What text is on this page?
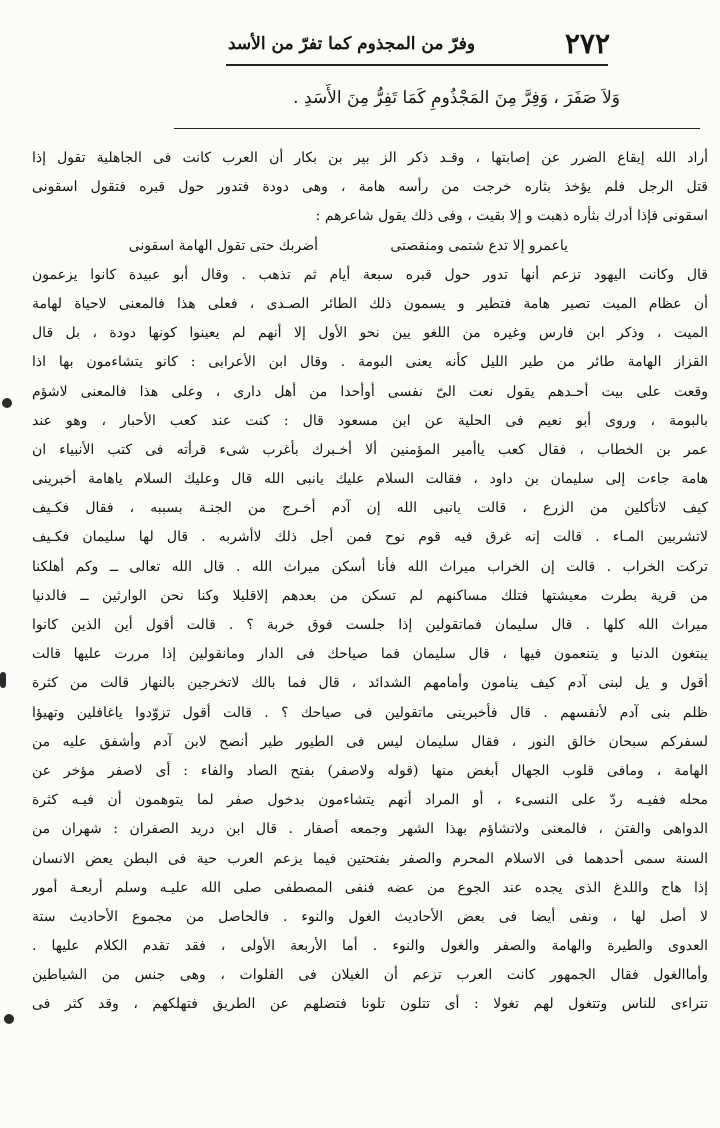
٢٧٢
وفرّ من المجذوم كما تفرّ من الأسد
وَلاَ صَفَرَ ، وَفِرَّ مِنَ المَجْذُومِ كَمَا تَفِرُّ مِنَ الأَسَدِ .
أراد الله إيقاع الضرر عن إصابتها ، وقـد ذكر الز بير بن بكار أن العرب كانت فى الجاهلية تقول إذا
قتل الرجل فلم يؤخذ بثاره خرجت من رأسه هامة ، وهى دودة فتدور حول قبره فتقول اسقونى
اسقونى فإذا أدرك بثأره ذهبت و إلا بقيت ، وفى ذلك يقول شاعرهم :
ياعمرو إلا تدع شتمى ومنقصتى
أضربك حتى تقول الهامة اسقونى
قال وكانت اليهود تزعم أنها تدور حول قبره سبعة أيام ثم تذهب . وقال أبو عبيدة كانوا يزعمون
أن عظام الميت تصير هامة فتطير و يسمون ذلك الطائر الصـدى ، فعلى هذا فالمعنى لاحياة لهامة
الميت ، وذكر ابن فارس وغيره من اللغو يين نحو الأول إلا أنهم لم يعينوا كونها دودة ، بل قال
القزاز الهامة طائر من طير الليل كأنه يعنى البومة . وقال ابن الأعرابى : كانو يتشاءمون بها اذا
وقعت على بيت أحـدهم يقول نعت الىّ نفسى أوأحدا من أهل دارى ، وعلى هذا فالمعنى لاشؤم
بالبومة ، وروى أبو نعيم فى الحلية عن ابن مسعود قال : كنت عند كعب الأحبار ، وهو عند
عمر بن الخطاب ، فقال كعب ياأمير المؤمنين ألا أخـبرك بأغرب شىء قرأته فى كتب الأنبياء ان
هامة جاءت إلى سليمان بن داود ، فقالت السلام عليك يانبى الله قال وعليك السلام ياهامة أخبرينى
كيف لاتأكلين من الزرع ، قالت يانبى الله إن آدم أخـرج من الجنـة بسببه ، فقال فكـيف
لاتشربين المـاء . قالت إنه غرق فيه قوم نوح فمن أجل ذلك لاأشربه . قال لها سليمان فكـيف
تركت الخراب . قالت إن الخراب ميراث الله فأنا أسكن ميراث الله . قال الله تعالى ــ وكم أهلكنا
من قرية بطرت معيشتها فتلك مساكنهم لم تسكن من بعدهم إلاقليلا وكنا نحن الوارثين ــ فالدنيا
ميراث الله كلها . قال سليمان فماتقولين إذا جلست فوق خربة ؟ . قالت أقول أين الذين كانوا
يبتغون الدنيا و يتنعمون فيها ، قال سليمان فما صياحك فى الدار ومانقولين إذا مررت عليها قالت
أقول و يل لبنى آدم كيف ينامون وأمامهم الشدائد ، قال فما بالك لاتخرجين بالنهار قالت من كثرة
ظلم بنى آدم لأنفسهم . قال فأخبرينى ماتقولين فى صياحك ؟ . قالت أقول تزوّدوا ياغافلين وتهيؤا
لسفركم سبحان خالق النور ، فقال سليمان ليس فى الطيور طير أنصح لابن آدم وأشفق عليه من
الهامة ، ومافى قلوب الجهال أبغض منها (قوله ولاصفر) بفتح الصاد والفاء : أى لاصفر مؤخر عن
محله ففيـه ردّ على النسىء ، أو المراد أنهم يتشاءمون بدخول صفر لما يتوهمون أن فيـه كثرة
الدواهى والفتن ، فالمعنى ولاتشاؤم بهذا الشهر وجمعه أصفار . قال ابن دريد الصفران : شهران من
السنة سمى أحدهما فى الاسلام المحرم والصفر بفتحتين فيما يزعم العرب حية فى البطن يعض الانسان
إذا هاج واللدغ الذى يجده عند الجوع من عضه فنفى المصطفى صلى الله عليـه وسلم أربعـة أمور
لا أصل لها ، ونفى أيضا فى بعض الأحاديث الغول والنوء . فالحاصل من مجموع الأحاديث ستة
العدوى والطيرة والهامة والصفر والغول والنوء . أما الأربعة الأولى ، فقد تقدم الكلام عليها .
وأماالغول فقال الجمهور كانت العرب تزعم أن الغيلان فى الفلوات ، وهى جنس من الشياطين
تتراءى للناس وتتغول لهم تغولا : أى تتلون تلونا فتضلهم عن الطريق فتهلكهم ، وقد كثر فى
